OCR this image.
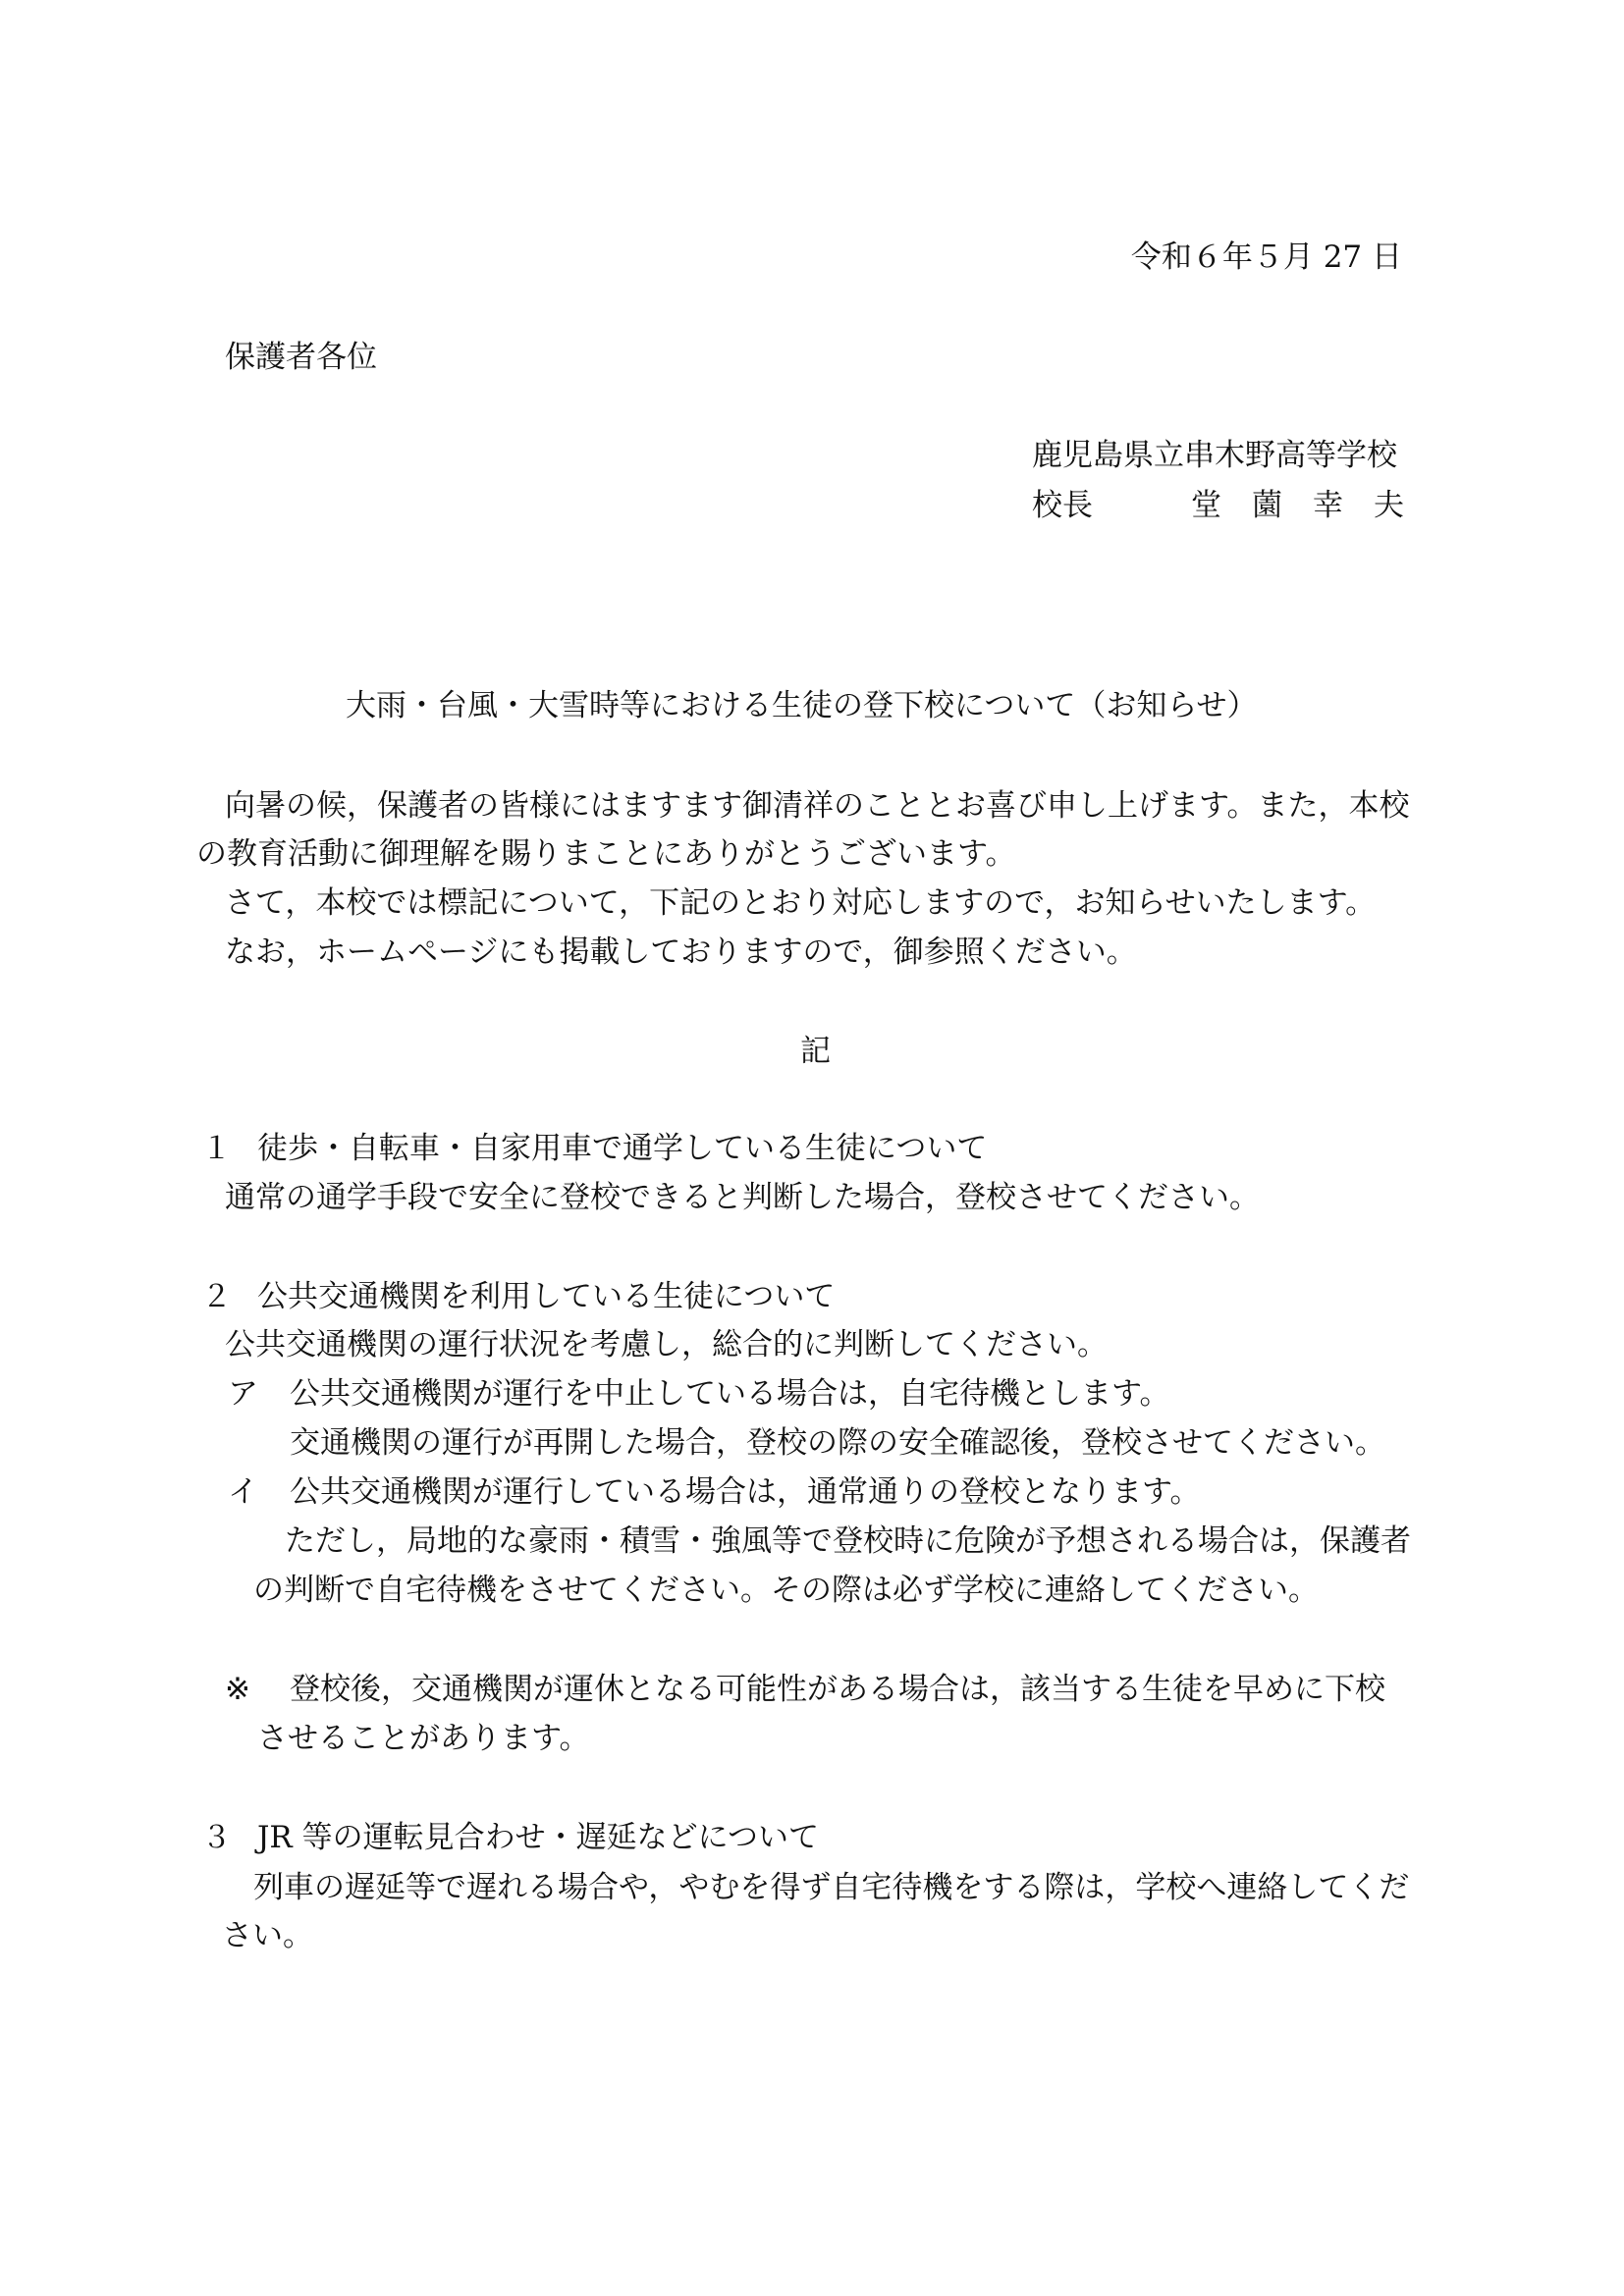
令和６年５月 27 日
保護者各位
鹿児島県立串木野高等学校
校長	堂　薗　幸　夫
大雨・台風・大雪時等における生徒の登下校について（お知らせ）
向暑の候，保護者の皆様にはますます御清祥のこととお喜び申し上げます。また，本校
の教育活動に御理解を賜りまことにありがとうございます。
さて，本校では標記について，下記のとおり対応しますので，お知らせいたします。
なお，ホームページにも掲載しておりますので，御参照ください。
記
１ 徒歩・自転車・自家用車で通学している生徒について
通常の通学手段で安全に登校できると判断した場合，登校させてください。
２ 公共交通機関を利用している生徒について
公共交通機関の運行状況を考慮し，総合的に判断してください。
ア 公共交通機関が運行を中止している場合は，自宅待機とします。
交通機関の運行が再開した場合，登校の際の安全確認後，登校させてください。
イ 公共交通機関が運行している場合は，通常通りの登校となります。
ただし，局地的な豪雨・積雪・強風等で登校時に危険が予想される場合は，保護者
の判断で自宅待機をさせてください。その際は必ず学校に連絡してください。
※ 登校後，交通機関が運休となる可能性がある場合は，該当する生徒を早めに下校
させることがあります。
３ JR 等の運転見合わせ・遅延などについて
列車の遅延等で遅れる場合や，やむを得ず自宅待機をする際は，学校へ連絡してくだ
さい。
